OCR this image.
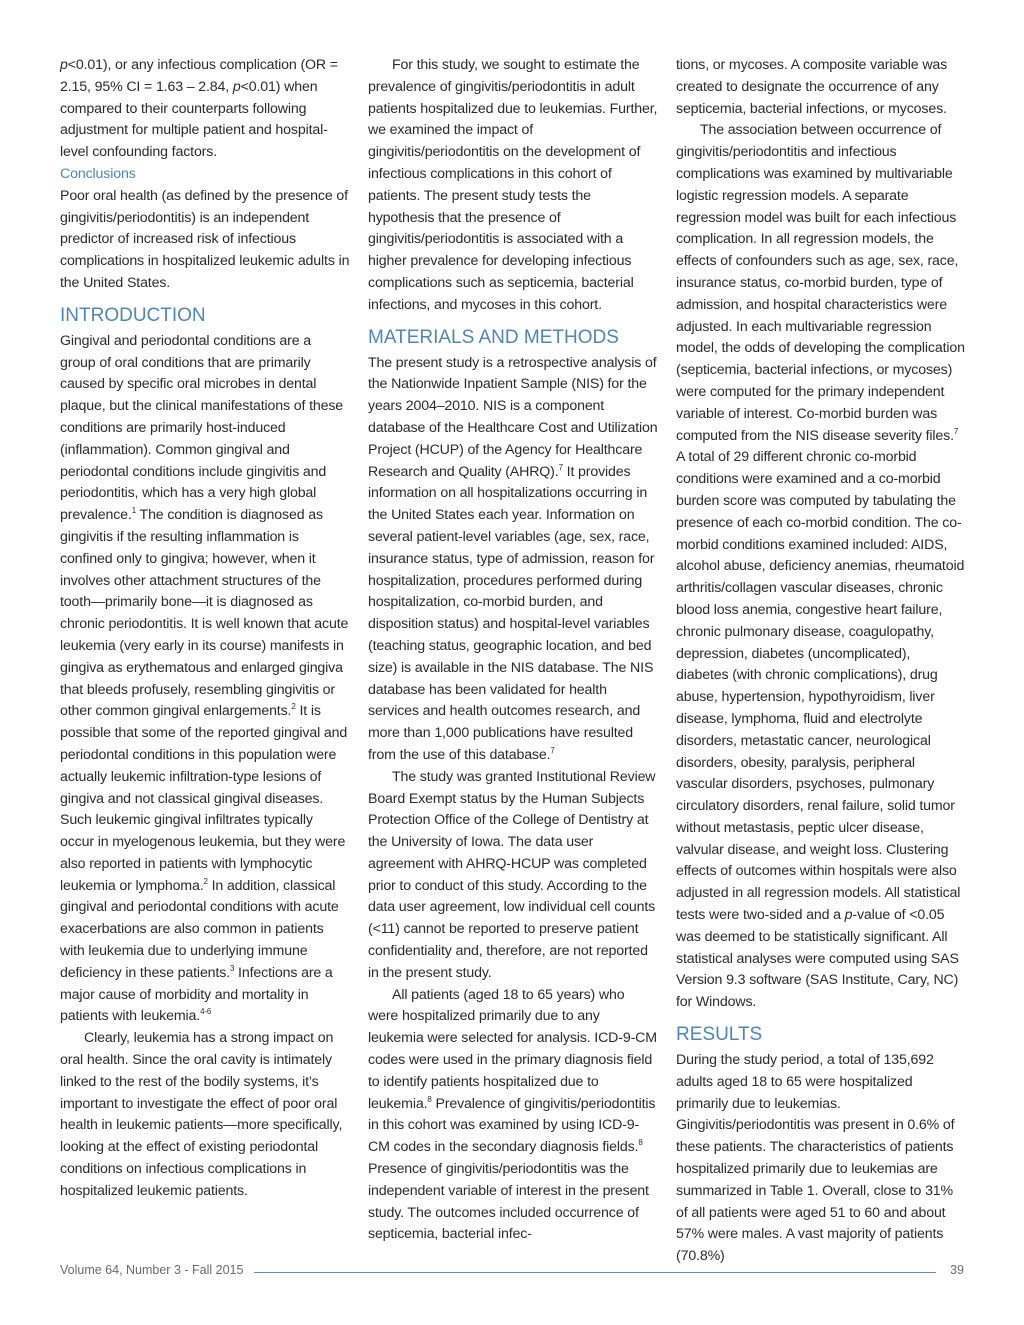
p<0.01), or any infectious complication (OR = 2.15, 95% CI = 1.63 – 2.84, p<0.01) when compared to their counterparts following adjustment for multiple patient and hospital-level confounding factors.

Conclusions

Poor oral health (as defined by the presence of gingivitis/periodontitis) is an independent predictor of increased risk of infectious complications in hospitalized leukemic adults in the United States.

INTRODUCTION

Gingival and periodontal conditions are a group of oral conditions that are primarily caused by specific oral microbes in dental plaque, but the clinical manifestations of these conditions are primarily host-induced (inflammation). Common gingival and periodontal conditions include gingivitis and periodontitis, which has a very high global prevalence.$^1$ The condition is diagnosed as gingivitis if the resulting inflammation is confined only to gingiva; however, when it involves other attachment structures of the tooth—primarily bone—it is diagnosed as chronic periodontitis. It is well known that acute leukemia (very early in its course) manifests in gingiva as erythematous and enlarged gingiva that bleeds profusely, resembling gingivitis or other common gingival enlargements.$^2$ It is possible that some of the reported gingival and periodontal conditions in this population were actually leukemic infiltration-type lesions of gingiva and not classical gingival diseases. Such leukemic gingival infiltrates typically occur in myelogenous leukemia, but they were also reported in patients with lymphocytic leukemia or lymphoma.$^2$ In addition, classical gingival and periodontal conditions with acute exacerbations are also common in patients with leukemia due to underlying immune deficiency in these patients.$^3$ Infections are a major cause of morbidity and mortality in patients with leukemia.$^{4-6}$

Clearly, leukemia has a strong impact on oral health. Since the oral cavity is intimately linked to the rest of the bodily systems, it’s important to investigate the effect of poor oral health in leukemic patients—more specifically, looking at the effect of existing periodontal conditions on infectious complications in hospitalized leukemic patients.

For this study, we sought to estimate the prevalence of gingivitis/periodontitis in adult patients hospitalized due to leukemias. Further, we examined the impact of gingivitis/periodontitis on the development of infectious complications in this cohort of patients. The present study tests the hypothesis that the presence of gingivitis/periodontitis is associated with a higher prevalence for developing infectious complications such as septicemia, bacterial infections, and mycoses in this cohort.

MATERIALS AND METHODS

The present study is a retrospective analysis of the Nationwide Inpatient Sample (NIS) for the years 2004–2010. NIS is a component database of the Healthcare Cost and Utilization Project (HCUP) of the Agency for Healthcare Research and Quality (AHRQ).$^7$ It provides information on all hospitalizations occurring in the United States each year. Information on several patient-level variables (age, sex, race, insurance status, type of admission, reason for hospitalization, procedures performed during hospitalization, co-morbid burden, and disposition status) and hospital-level variables (teaching status, geographic location, and bed size) is available in the NIS database. The NIS database has been validated for health services and health outcomes research, and more than 1,000 publications have resulted from the use of this database.$^7$

The study was granted Institutional Review Board Exempt status by the Human Subjects Protection Office of the College of Dentistry at the University of Iowa. The data user agreement with AHRQ-HCUP was completed prior to conduct of this study. According to the data user agreement, low individual cell counts (<11) cannot be reported to preserve patient confidentiality and, therefore, are not reported in the present study.

All patients (aged 18 to 65 years) who were hospitalized primarily due to any leukemia were selected for analysis. ICD-9-CM codes were used in the primary diagnosis field to identify patients hospitalized due to leukemia.$^8$ Prevalence of gingivitis/periodontitis in this cohort was examined by using ICD-9-CM codes in the secondary diagnosis fields.$^8$ Presence of gingivitis/periodontitis was the independent variable of interest in the present study. The outcomes included occurrence of septicemia, bacterial infec-

tions, or mycoses. A composite variable was created to designate the occurrence of any septicemia, bacterial infections, or mycoses.

The association between occurrence of gingivitis/periodontitis and infectious complications was examined by multivariable logistic regression models. A separate regression model was built for each infectious complication. In all regression models, the effects of confounders such as age, sex, race, insurance status, co-morbid burden, type of admission, and hospital characteristics were adjusted. In each multivariable regression model, the odds of developing the complication (septicemia, bacterial infections, or mycoses) were computed for the primary independent variable of interest. Co-morbid burden was computed from the NIS disease severity files.$^7$ A total of 29 different chronic co-morbid conditions were examined and a co-morbid burden score was computed by tabulating the presence of each co-morbid condition. The co-morbid conditions examined included: AIDS, alcohol abuse, deficiency anemias, rheumatoid arthritis/collagen vascular diseases, chronic blood loss anemia, congestive heart failure, chronic pulmonary disease, coagulopathy, depression, diabetes (uncomplicated), diabetes (with chronic complications), drug abuse, hypertension, hypothyroidism, liver disease, lymphoma, fluid and electrolyte disorders, metastatic cancer, neurological disorders, obesity, paralysis, peripheral vascular disorders, psychoses, pulmonary circulatory disorders, renal failure, solid tumor without metastasis, peptic ulcer disease, valvular disease, and weight loss. Clustering effects of outcomes within hospitals were also adjusted in all regression models. All statistical tests were two-sided and a p-value of <0.05 was deemed to be statistically significant. All statistical analyses were computed using SAS Version 9.3 software (SAS Institute, Cary, NC) for Windows.

RESULTS

During the study period, a total of 135,692 adults aged 18 to 65 were hospitalized primarily due to leukemias. Gingivitis/periodontitis was present in 0.6% of these patients. The characteristics of patients hospitalized primarily due to leukemias are summarized in Table 1. Overall, close to 31% of all patients were aged 51 to 60 and about 57% were males. A vast majority of patients (70.8%)

Volume 64, Number 3 - Fall 2015	39
